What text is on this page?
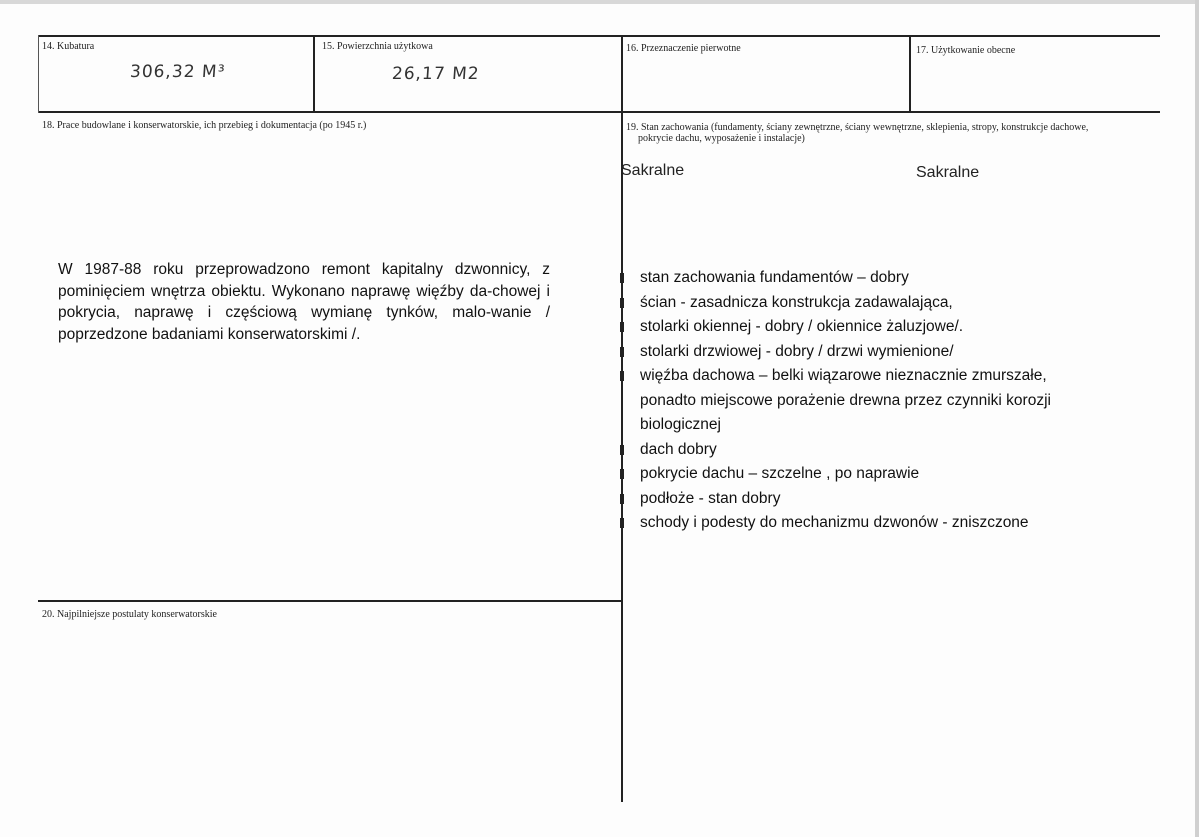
14. Kubatura
306,32 M³
15. Powierzchnia użytkowa
26,17 M2
16. Przeznaczenie pierwotne	17. Użytkowanie obecne
18. Prace budowlane i konserwatorskie, ich przebieg i dokumentacja (po 1945 r.)
W 1987-88 roku przeprowadzono remont kapitalny dzwonnicy, z pominięciem wnętrza obiektu. Wykonano naprawę więźby da-chowej i pokrycia, naprawę i częściową wymianę tynków, malo-wanie / poprzedzone badaniami konserwatorskimi /.
19. Stan zachowania (fundamenty, ściany zewnętrzne, ściany wewnętrzne, sklepienia, stropy, konstrukcje dachowe,
pokrycie dachu, wyposażenie i instalacje)
Sakralne	Sakralne
stan zachowania fundamentów – dobry
ścian - zasadnicza konstrukcja zadawalająca,
stolarki okiennej - dobry / okiennice żaluzjowe/.
stolarki drzwiowej - dobry / drzwi wymienione/
więźba dachowa – belki wiązarowe nieznacznie zmurszałe,
ponadto miejscowe porażenie drewna przez czynniki korozji
biologicznej
dach dobry
pokrycie dachu – szczelne , po naprawie
podłoże - stan dobry
schody i podesty do mechanizmu dzwonów - zniszczone
20. Najpilniejsze postulaty konserwatorskie
